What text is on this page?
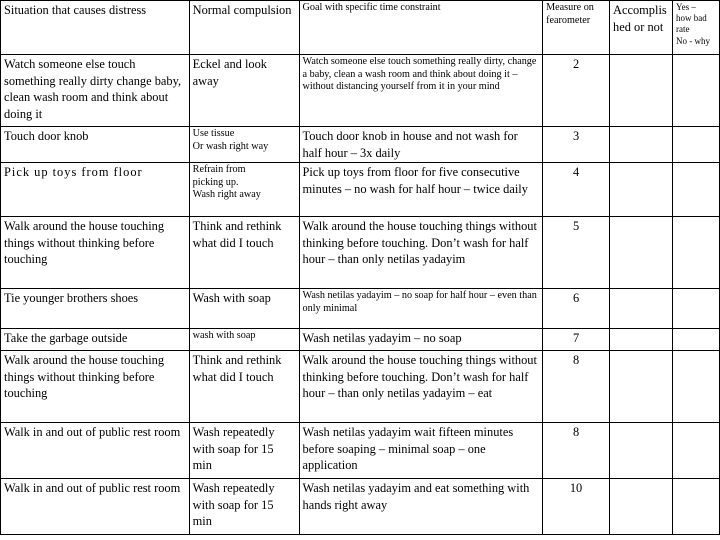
Situation that causes distress	Normal compulsion	Goal with specific time constraint	Measure on fearometer	Accomplis hed or not	Yes –
how bad
rate
No - why

Watch someone else touch something really dirty change baby, clean wash room and think about doing it	Eckel and look away	Watch someone else touch something really dirty, change a baby, clean a wash room and think about doing it – without distancing yourself from it in your mind	2		
Touch door knob	Use tissue
Or wash right way	Touch door knob in house and not wash for half hour – 3x daily	3		
Pick up toys from floor	Refrain from
picking up.
Wash right away	Pick up toys from floor for five consecutive minutes – no wash for half hour – twice daily	4		
Walk around the house touching things without thinking before touching	Think and rethink what did I touch	Walk around the house touching things without thinking before touching. Don’t wash for half hour – than only netilas yadayim	5		
Tie younger brothers shoes	Wash with soap	Wash netilas yadayim – no soap for half hour – even than only minimal	6		
Take the garbage outside	wash with soap	Wash netilas yadayim – no soap	7		
Walk around the house touching things without thinking before touching	Think and rethink what did I touch	Walk around the house touching things without thinking before touching. Don’t wash for half hour – than only netilas yadayim – eat	8		
Walk in and out of public rest room	Wash repeatedly with soap for 15 min	Wash netilas yadayim wait fifteen minutes before soaping – minimal soap – one application	8		
Walk in and out of public rest room	Wash repeatedly with soap for 15 min	Wash netilas yadayim and eat something with hands right away	10		
